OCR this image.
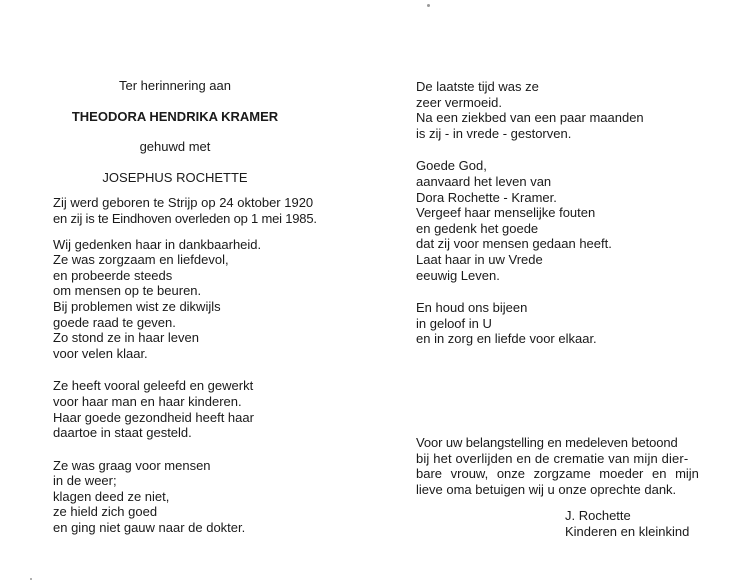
Ter herinnering aan
THEODORA HENDRIKA KRAMER
gehuwd met
JOSEPHUS ROCHETTE
Zij werd geboren te Strijp op 24 oktober 1920
en zij is te Eindhoven overleden op 1 mei 1985.
Wij gedenken haar in dankbaarheid.
Ze was zorgzaam en liefdevol,
en probeerde steeds
om mensen op te beuren.
Bij problemen wist ze dikwijls
goede raad te geven.
Zo stond ze in haar leven
voor velen klaar.
Ze heeft vooral geleefd en gewerkt
voor haar man en haar kinderen.
Haar goede gezondheid heeft haar
daartoe in staat gesteld.
Ze was graag voor mensen
in de weer;
klagen deed ze niet,
ze hield zich goed
en ging niet gauw naar de dokter.
De laatste tijd was ze
zeer vermoeid.
Na een ziekbed van een paar maanden
is zij - in vrede - gestorven.
Goede God,
aanvaard het leven van
Dora Rochette - Kramer.
Vergeef haar menselijke fouten
en gedenk het goede
dat zij voor mensen gedaan heeft.
Laat haar in uw Vrede
eeuwig Leven.
En houd ons bijeen
in geloof in U
en in zorg en liefde voor elkaar.
Voor uw belangstelling en medeleven betoond
bij het overlijden en de crematie van mijn dier-
bare vrouw, onze zorgzame moeder en mijn
lieve oma betuigen wij u onze oprechte dank.
J. Rochette
Kinderen en kleinkind
